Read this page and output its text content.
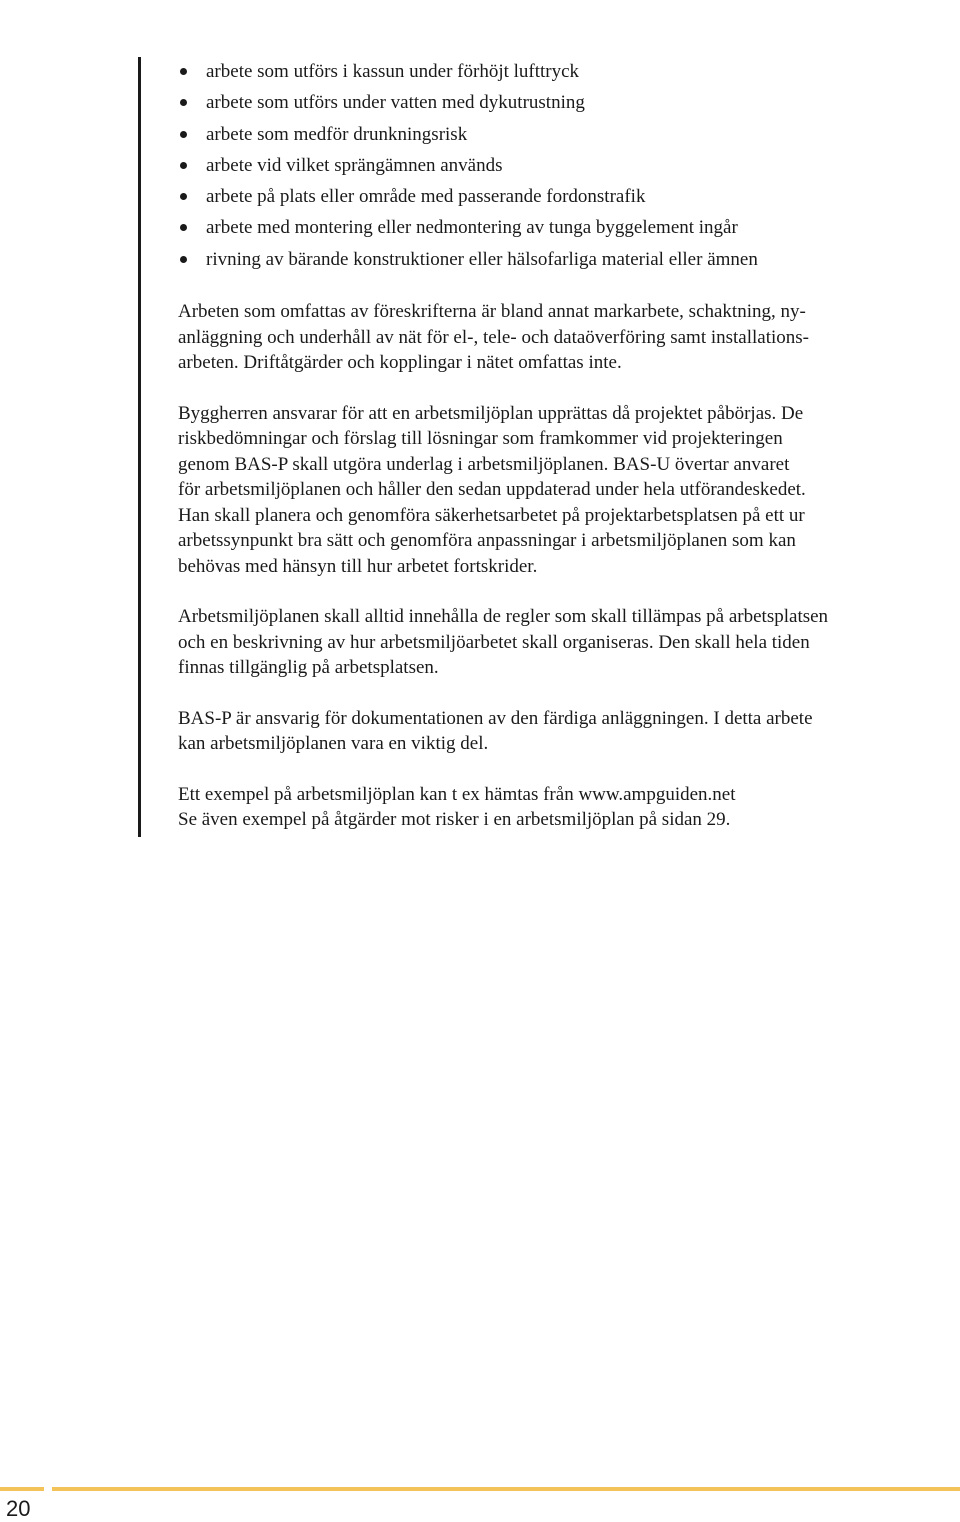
arbete som utförs i kassun under förhöjt lufttryck
arbete som utförs under vatten med dykutrustning
arbete som medför drunkningsrisk
arbete vid vilket sprängämnen används
arbete på plats eller område med passerande fordonstrafik
arbete med montering eller nedmontering av tunga byggelement ingår
rivning av bärande konstruktioner eller hälsofarliga material eller ämnen

Arbeten som omfattas av föreskrifterna är bland annat markarbete, schaktning, ny-
anläggning och underhåll av nät för el-, tele- och dataöverföring samt installations-
arbeten. Driftåtgärder och kopplingar i nätet omfattas inte.

Byggherren ansvarar för att en arbetsmiljöplan upprättas då projektet påbörjas. De
riskbedömningar och förslag till lösningar som framkommer vid projekteringen
genom BAS-P skall utgöra underlag i arbetsmiljöplanen. BAS-U övertar anvaret
för arbetsmiljöplanen och håller den sedan uppdaterad under hela utförandeskedet.
Han skall planera och genomföra säkerhetsarbetet på projektarbetsplatsen på ett ur
arbetssynpunkt bra sätt och genomföra anpassningar i arbetsmiljöplanen som kan
behövas med hänsyn till hur arbetet fortskrider.

Arbetsmiljöplanen skall alltid innehålla de regler som skall tillämpas på arbetsplatsen
och en beskrivning av hur arbetsmiljöarbetet skall organiseras. Den skall hela tiden
finnas tillgänglig på arbetsplatsen.

BAS-P är ansvarig för dokumentationen av den färdiga anläggningen. I detta arbete
kan arbetsmiljöplanen vara en viktig del.

Ett exempel på arbetsmiljöplan kan t ex hämtas från www.ampguiden.net
Se även exempel på åtgärder mot risker i en arbetsmiljöplan på sidan 29.

20
